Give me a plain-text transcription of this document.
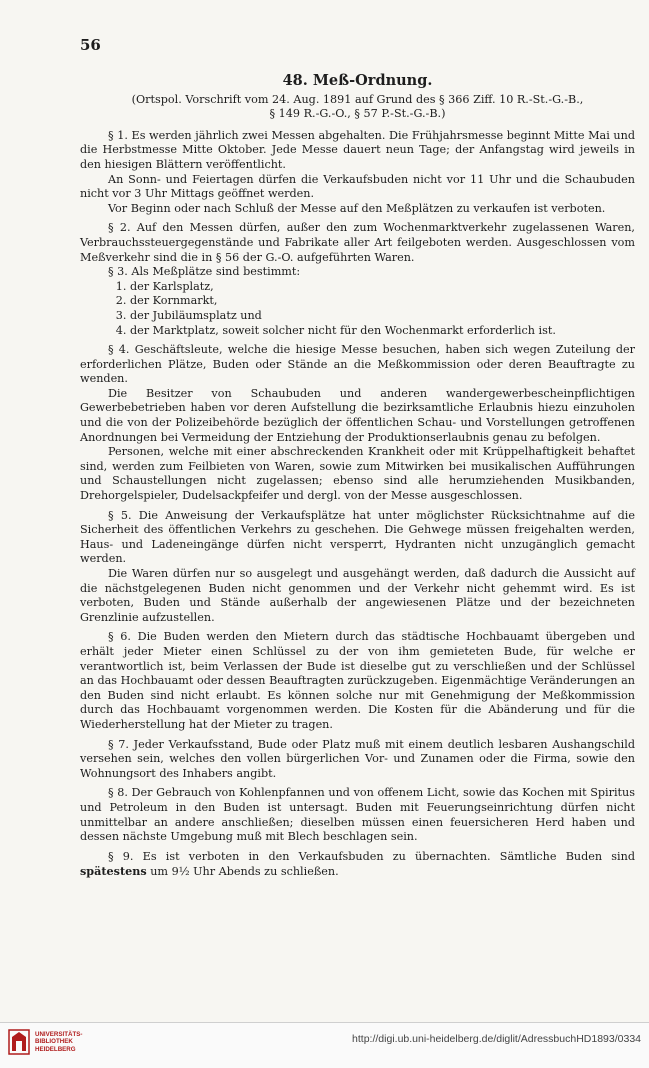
56
48. Meß-Ordnung.
(Ortspol. Vorschrift vom 24. Aug. 1891 auf Grund des § 366 Ziff. 10 R.-St.-G.-B.,
§ 149 R.-G.-O., § 57 P.-St.-G.-B.)

§ 1. Es werden jährlich zwei Messen abgehalten. Die Frühjahrsmesse beginnt Mitte Mai und die Herbstmesse Mitte Oktober. Jede Messe dauert neun Tage; der Anfangstag wird jeweils in den hiesigen Blättern veröffentlicht.

An Sonn- und Feiertagen dürfen die Verkaufsbuden nicht vor 11 Uhr und die Schaubuden nicht vor 3 Uhr Mittags geöffnet werden.

Vor Beginn oder nach Schluß der Messe auf den Meßplätzen zu verkaufen ist verboten.

§ 2. Auf den Messen dürfen, außer den zum Wochenmarktverkehr zugelassenen Waren, Verbrauchssteuergegenstände und Fabrikate aller Art feilgeboten werden. Ausgeschlossen vom Meßverkehr sind die in § 56 der G.-O. aufgeführten Waren.

§ 3. Als Meßplätze sind bestimmt:

1. der Karlsplatz,
2. der Kornmarkt,
3. der Jubiläumsplatz und
4. der Marktplatz, soweit solcher nicht für den Wochenmarkt erforderlich ist.

§ 4. Geschäftsleute, welche die hiesige Messe besuchen, haben sich wegen Zuteilung der erforderlichen Plätze, Buden oder Stände an die Meßkommission oder deren Beauftragte zu wenden.

Die Besitzer von Schaubuden und anderen wandergewerbescheinpflichtigen Gewerbebetrieben haben vor deren Aufstellung die bezirksamtliche Erlaubnis hiezu einzuholen und die von der Polizeibehörde bezüglich der öffentlichen Schau- und Vorstellungen getroffenen Anordnungen bei Vermeidung der Entziehung der Produktionserlaubnis genau zu befolgen.

Personen, welche mit einer abschreckenden Krankheit oder mit Krüppelhaftigkeit behaftet sind, werden zum Feilbieten von Waren, sowie zum Mitwirken bei musikalischen Aufführungen und Schaustellungen nicht zugelassen; ebenso sind alle herumziehenden Musikbanden, Drehorgelspieler, Dudelsackpfeifer und dergl. von der Messe ausgeschlossen.

§ 5. Die Anweisung der Verkaufsplätze hat unter möglichster Rücksichtnahme auf die Sicherheit des öffentlichen Verkehrs zu geschehen. Die Gehwege müssen freigehalten werden, Haus- und Ladeneingänge dürfen nicht versperrt, Hydranten nicht unzugänglich gemacht werden.

Die Waren dürfen nur so ausgelegt und ausgehängt werden, daß dadurch die Aussicht auf die nächstgelegenen Buden nicht genommen und der Verkehr nicht gehemmt wird. Es ist verboten, Buden und Stände außerhalb der angewiesenen Plätze und der bezeichneten Grenzlinie aufzustellen.

§ 6. Die Buden werden den Mietern durch das städtische Hochbauamt übergeben und erhält jeder Mieter einen Schlüssel zu der von ihm gemieteten Bude, für welche er verantwortlich ist, beim Verlassen der Bude ist dieselbe gut zu verschließen und der Schlüssel an das Hochbauamt oder dessen Beauftragten zurückzugeben. Eigenmächtige Veränderungen an den Buden sind nicht erlaubt. Es können solche nur mit Genehmigung der Meßkommission durch das Hochbauamt vorgenommen werden. Die Kosten für die Abänderung und für die Wiederherstellung hat der Mieter zu tragen.

§ 7. Jeder Verkaufsstand, Bude oder Platz muß mit einem deutlich lesbaren Aushangschild versehen sein, welches den vollen bürgerlichen Vor- und Zunamen oder die Firma, sowie den Wohnungsort des Inhabers angibt.

§ 8. Der Gebrauch von Kohlenpfannen und von offenem Licht, sowie das Kochen mit Spiritus und Petroleum in den Buden ist untersagt. Buden mit Feuerungseinrichtung dürfen nicht unmittelbar an andere anschließen; dieselben müssen einen feuersicheren Herd haben und dessen nächste Umgebung muß mit Blech beschlagen sein.

§ 9. Es ist verboten in den Verkaufsbuden zu übernachten. Sämtliche Buden sind spätestens um 9½ Uhr Abends zu schließen.

UNIVERSITÄTS-
BIBLIOTHEK
HEIDELBERG
http://digi.ub.uni-heidelberg.de/diglit/AdressbuchHD1893/0334
